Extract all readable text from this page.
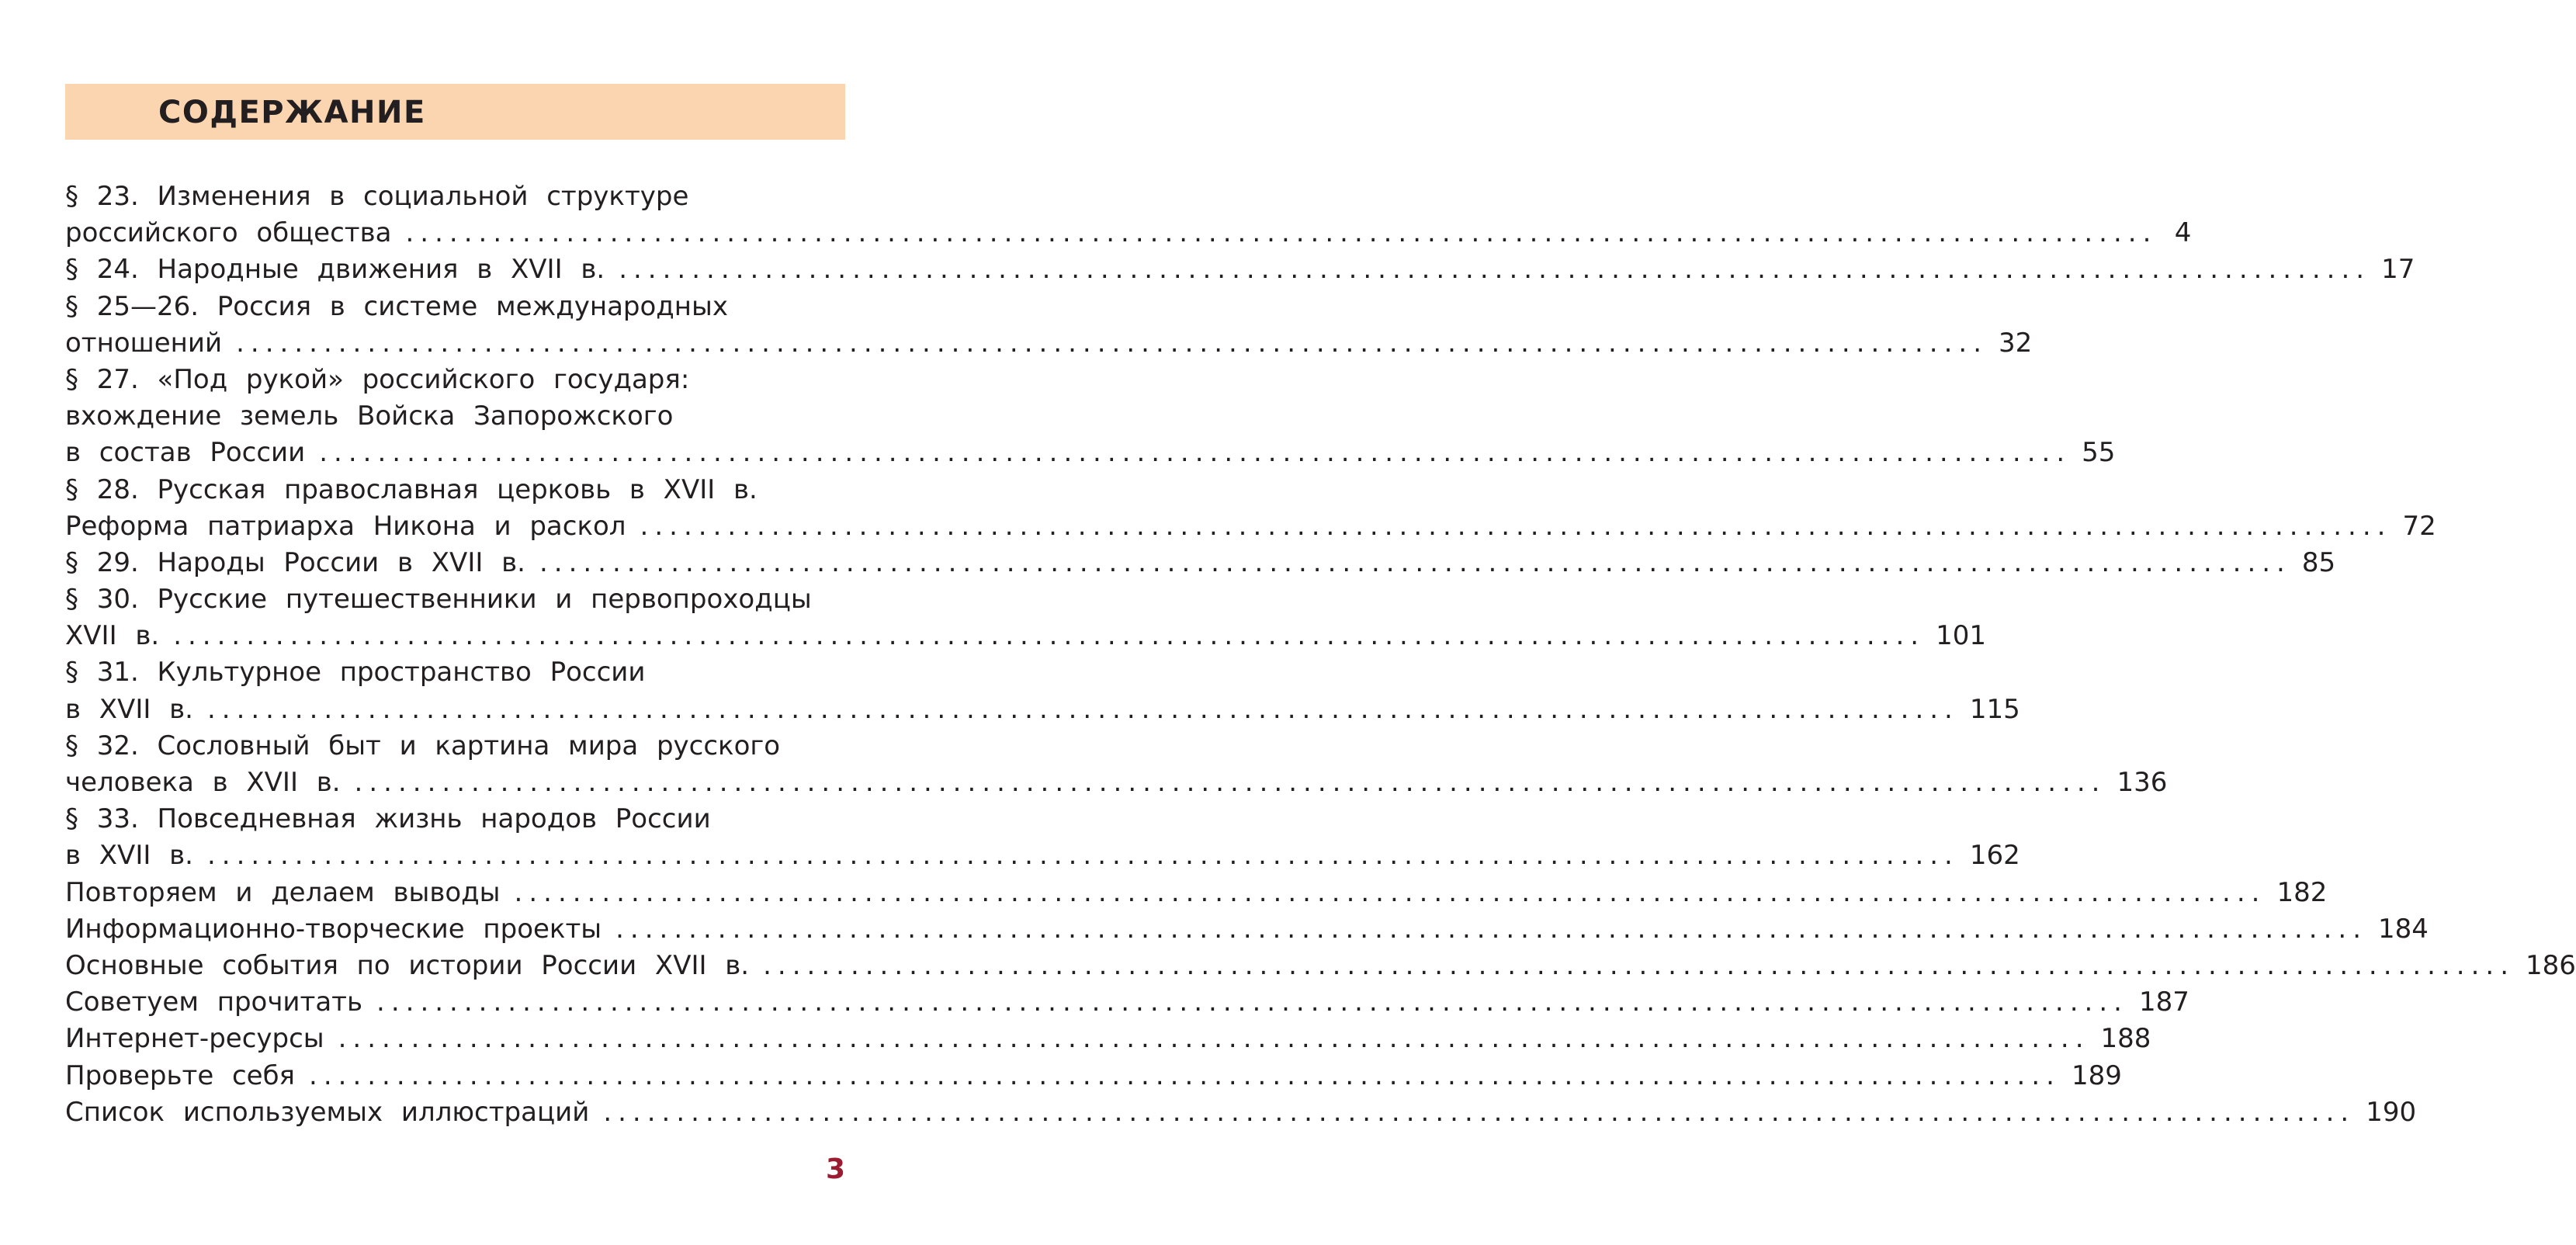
СОДЕРЖАНИЕ
§ 23. Изменения в социальной структуре
российского общества ........................................................................................................................ 4
§ 24. Народные движения в XVII в. ........................................................................................................................ 17
§ 25—26. Россия в системе международных
отношений ........................................................................................................................ 32
§ 27. «Под рукой» российского государя:
вхождение земель Войска Запорожского
в состав России ........................................................................................................................ 55
§ 28. Русская православная церковь в XVII в.
Реформа патриарха Никона и раскол ........................................................................................................................ 72
§ 29. Народы России в XVII в. ........................................................................................................................ 85
§ 30. Русские путешественники и первопроходцы
XVII в. ........................................................................................................................ 101
§ 31. Культурное пространство России
в XVII в. ........................................................................................................................ 115
§ 32. Сословный быт и картина мира русского
человека в XVII в. ........................................................................................................................ 136
§ 33. Повседневная жизнь народов России
в XVII в. ........................................................................................................................ 162
Повторяем и делаем выводы ........................................................................................................................ 182
Информационно-творческие проекты ........................................................................................................................ 184
Основные события по истории России XVII в. ........................................................................................................................ 186
Советуем прочитать ........................................................................................................................ 187
Интернет-ресурсы ........................................................................................................................ 188
Проверьте себя ........................................................................................................................ 189
Список используемых иллюстраций ........................................................................................................................ 190
3
